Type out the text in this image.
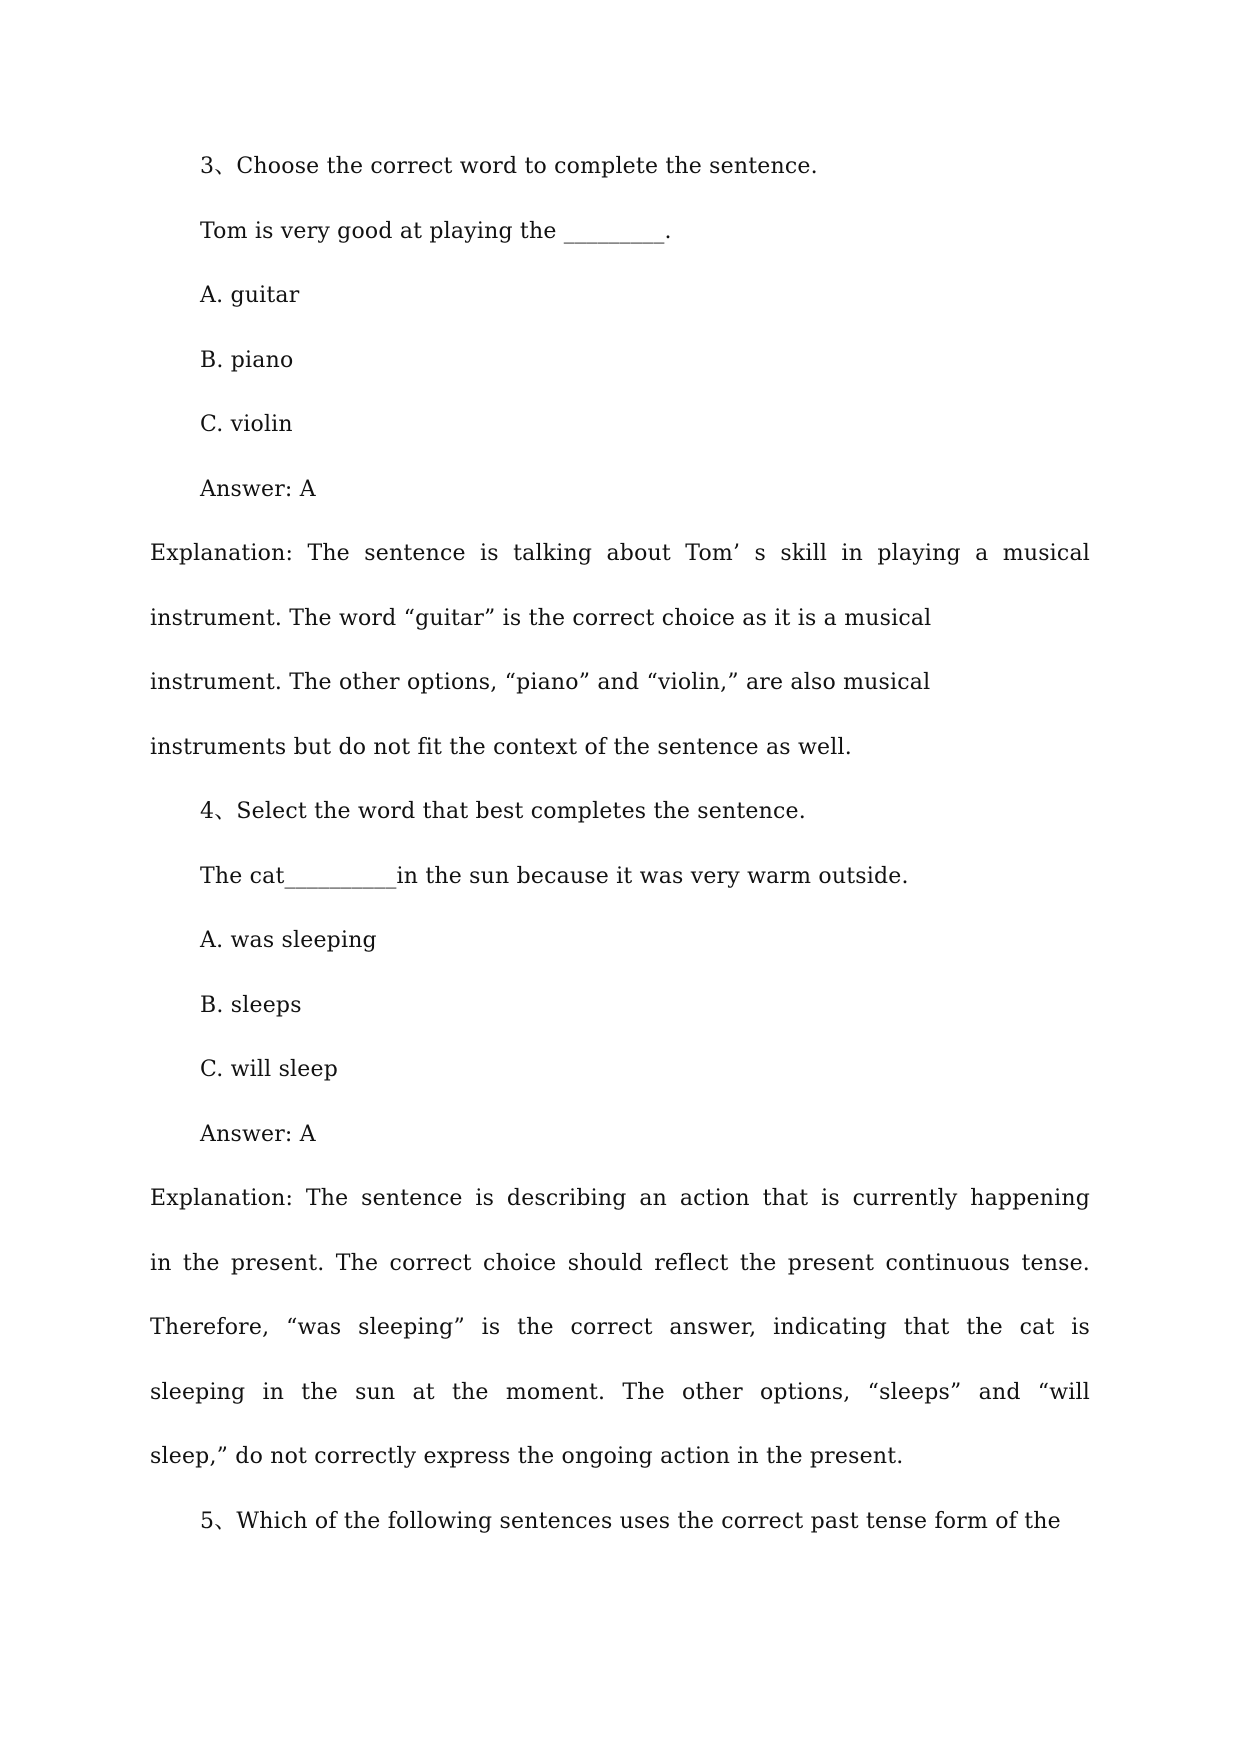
3、Choose the correct word to complete the sentence.
Tom is very good at playing the _________.
A. guitar
B. piano
C. violin
Answer: A
Explanation: The sentence is talking about Tom’ s skill in playing a musical
instrument. The word “guitar” is the correct choice as it is a musical
instrument. The other options, “piano” and “violin,” are also musical
instruments but do not fit the context of the sentence as well.
4、Select the word that best completes the sentence.
The cat__________in the sun because it was very warm outside.
A. was sleeping
B. sleeps
C. will sleep
Answer: A
Explanation: The sentence is describing an action that is currently happening
in the present. The correct choice should reflect the present continuous tense.
Therefore, “was sleeping” is the correct answer, indicating that the cat is
sleeping in the sun at the moment. The other options, “sleeps” and “will
sleep,” do not correctly express the ongoing action in the present.
5、Which of the following sentences uses the correct past tense form of the
